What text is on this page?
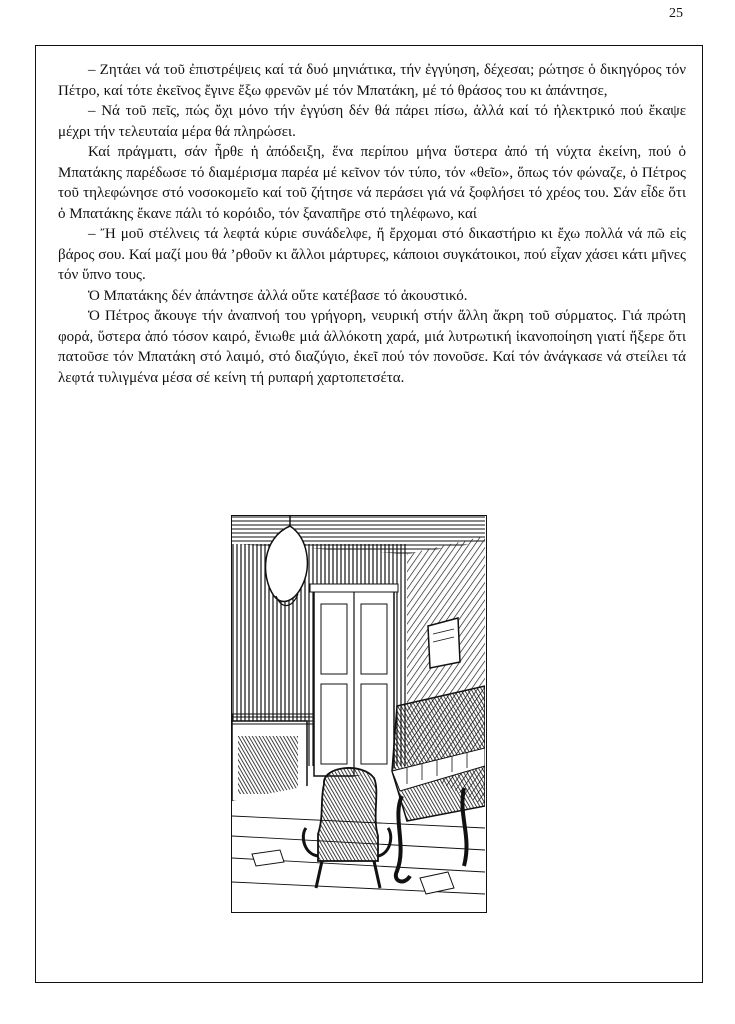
25

– Ζητάει νά τοῦ ἐπιστρέψεις καί τά δυό μηνιάτικα, τήν ἐγγύηση, δέχεσαι; ρώτησε ὁ δικηγόρος τόν Πέτρο, καί τότε ἐκεῖνος ἔγινε ἔξω φρενῶν μέ τόν Μπατάκη, μέ τό θράσος του κι ἀπάντησε,

– Νά τοῦ πεῖς, πώς ὄχι μόνο τήν ἐγγύση δέν θά πάρει πίσω, ἀλλά καί τό ἠλεκτρικό πού ἔκαψε μέχρι τήν τελευταία μέρα θά πληρώσει.

Καί πράγματι, σάν ἦρθε ἡ ἀπόδειξη, ἕνα περίπου μήνα ὕστερα ἀπό τή νύχτα ἐκείνη, πού ὁ Μπατάκης παρέδωσε τό διαμέρισμα παρέα μέ κεῖνον τόν τύπο, τόν «θεῖο», ὅπως τόν φώναζε, ὁ Πέτρος τοῦ τηλεφώνησε στό νοσοκομεῖο καί τοῦ ζήτησε νά περάσει γιά νά ξοφλήσει τό χρέος του. Σάν εἶδε ὅτι ὁ Μπατάκης ἔκανε πάλι τό κορόιδο, τόν ξαναπῆρε στό τηλέφωνο, καί

– Ἤ μοῦ στέλνεις τά λεφτά κύριε συνάδελφε, ἤ ἔρχομαι στό δικαστήριο κι ἔχω πολλά νά πῶ εἰς βάρος σου. Καί μαζί μου θά ’ρθοῦν κι ἄλλοι μάρτυρες, κάποιοι συγκάτοικοι, πού εἶχαν χάσει κάτι μῆνες τόν ὕπνο τους.

Ὁ Μπατάκης δέν ἀπάντησε ἀλλά οὔτε κατέβασε τό ἀκουστικό.

Ὁ Πέτρος ἄκουγε τήν ἀναπνοή του γρήγορη, νευρική στήν ἄλλη ἄκρη τοῦ σύρματος. Γιά πρώτη φορά, ὕστερα ἀπό τόσον καιρό, ἔνιωθε μιά ἀλλόκοτη χαρά, μιά λυτρωτική ἱκανοποίηση γιατί ἤξερε ὅτι πατοῦσε τόν Μπατάκη στό λαιμό, στό διαζύγιο, ἐκεῖ πού τόν πονοῦσε. Καί τόν ἀνάγκασε νά στείλει τά λεφτά τυλιγμένα μέσα σέ κείνη τή ρυπαρή χαρτοπετσέτα.
